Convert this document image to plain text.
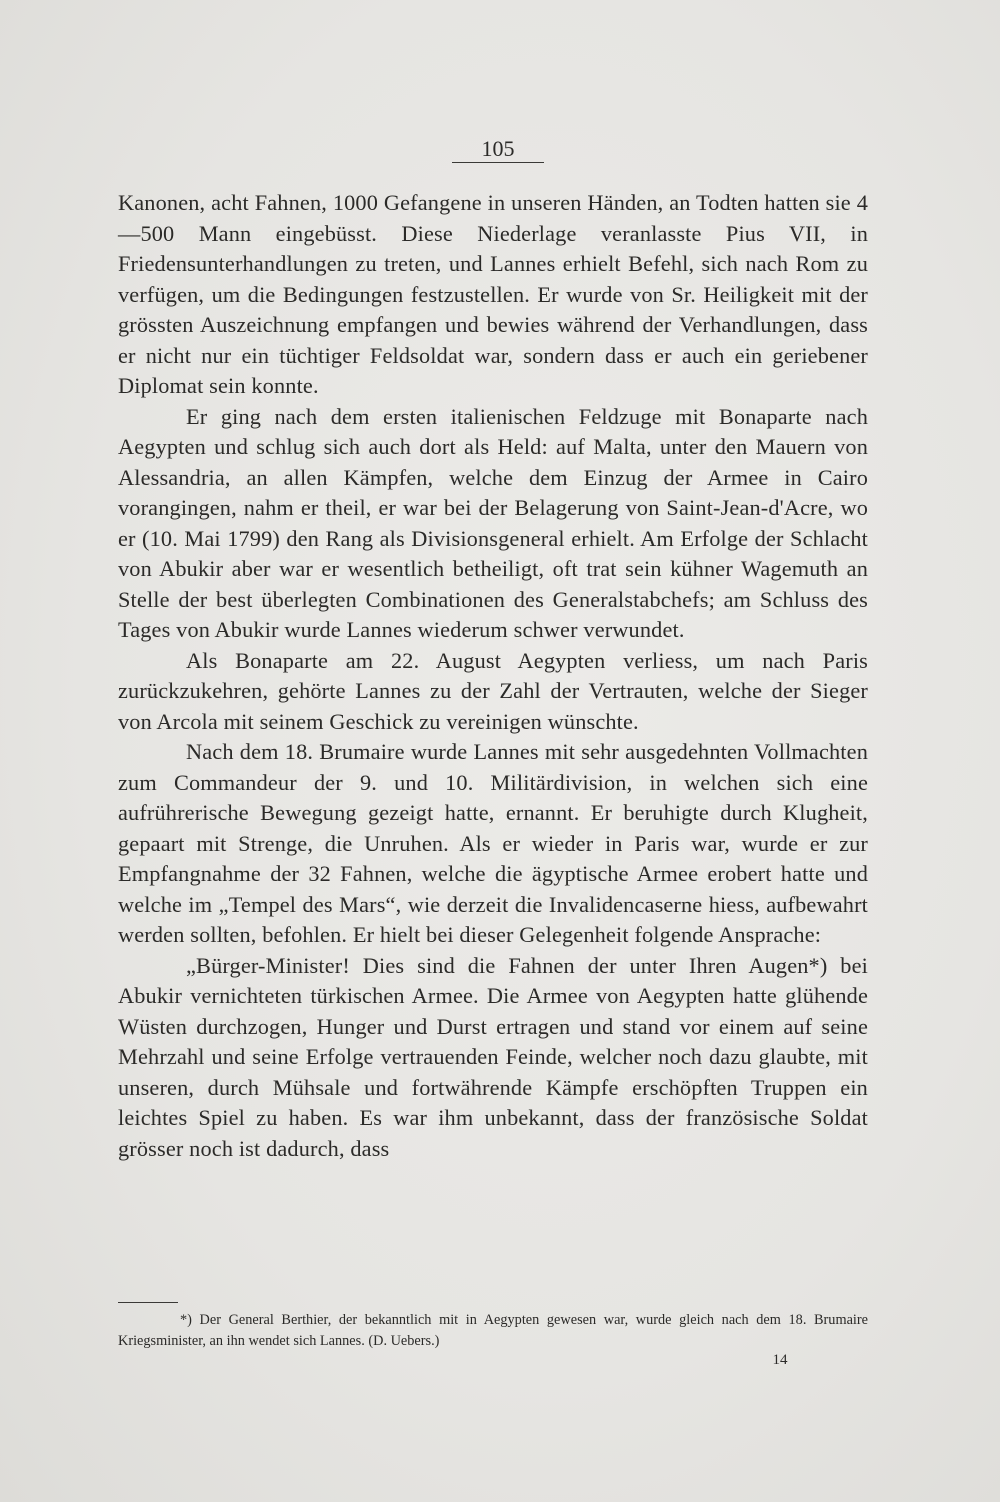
105

Kanonen, acht Fahnen, 1000 Gefangene in unseren Händen, an Todten hatten sie 4—500 Mann eingebüsst. Diese Niederlage veranlasste Pius VII, in Friedensunterhandlungen zu treten, und Lannes erhielt Befehl, sich nach Rom zu verfügen, um die Bedingungen festzustellen. Er wurde von Sr. Heiligkeit mit der grössten Auszeichnung empfangen und bewies während der Verhandlungen, dass er nicht nur ein tüchtiger Feldsoldat war, sondern dass er auch ein geriebener Diplomat sein konnte.

Er ging nach dem ersten italienischen Feldzuge mit Bonaparte nach Aegypten und schlug sich auch dort als Held: auf Malta, unter den Mauern von Alessandria, an allen Kämpfen, welche dem Einzug der Armee in Cairo vorangingen, nahm er theil, er war bei der Belagerung von Saint-Jean-d'Acre, wo er (10. Mai 1799) den Rang als Divisionsgeneral erhielt. Am Erfolge der Schlacht von Abukir aber war er wesentlich betheiligt, oft trat sein kühner Wagemuth an Stelle der best überlegten Combinationen des Generalstabchefs; am Schluss des Tages von Abukir wurde Lannes wiederum schwer verwundet.

Als Bonaparte am 22. August Aegypten verliess, um nach Paris zurückzukehren, gehörte Lannes zu der Zahl der Vertrauten, welche der Sieger von Arcola mit seinem Geschick zu vereinigen wünschte.

Nach dem 18. Brumaire wurde Lannes mit sehr ausgedehnten Vollmachten zum Commandeur der 9. und 10. Militärdivision, in welchen sich eine aufrührerische Bewegung gezeigt hatte, ernannt. Er beruhigte durch Klugheit, gepaart mit Strenge, die Unruhen. Als er wieder in Paris war, wurde er zur Empfangnahme der 32 Fahnen, welche die ägyptische Armee erobert hatte und welche im „Tempel des Mars“, wie derzeit die Invalidencaserne hiess, aufbewahrt werden sollten, befohlen. Er hielt bei dieser Gelegenheit folgende Ansprache:

„Bürger-Minister! Dies sind die Fahnen der unter Ihren Augen*) bei Abukir vernichteten türkischen Armee. Die Armee von Aegypten hatte glühende Wüsten durchzogen, Hunger und Durst ertragen und stand vor einem auf seine Mehrzahl und seine Erfolge vertrauenden Feinde, welcher noch dazu glaubte, mit unseren, durch Mühsale und fortwährende Kämpfe erschöpften Truppen ein leichtes Spiel zu haben. Es war ihm unbekannt, dass der französische Soldat grösser noch ist dadurch, dass

*) Der General Berthier, der bekanntlich mit in Aegypten gewesen war, wurde gleich nach dem 18. Brumaire Kriegsminister, an ihn wendet sich Lannes. (D. Uebers.)

14
